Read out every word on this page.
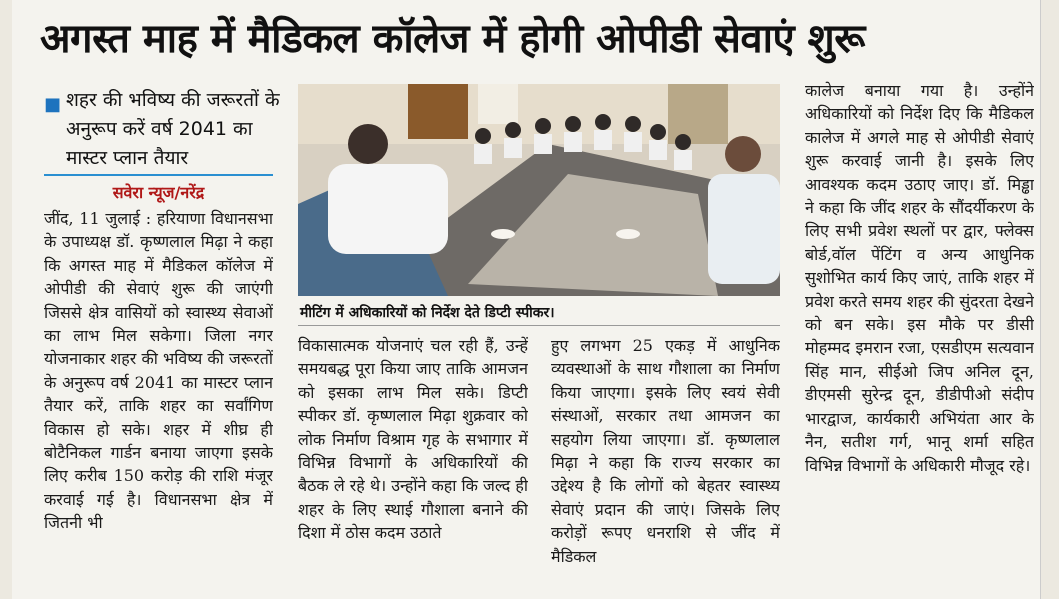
अगस्त माह में मैडिकल कॉलेज में होगी ओपीडी सेवाएं शुरू
■ शहर की भविष्य की जरूरतों के अनुरूप करें वर्ष 2041 का मास्टर प्लान तैयार
सवेरा न्यूज/नरेंद्र

जींद, 11 जुलाई : हरियाणा विधानसभा के उपाध्यक्ष डॉ. कृष्णलाल मिढ़ा ने कहा कि अगस्त माह में मैडिकल कॉलेज में ओपीडी की सेवाएं शुरू की जाएंगी जिससे क्षेत्र वासियों को स्वास्थ्य सेवाओं का लाभ मिल सकेगा। जिला नगर योजनाकार शहर की भविष्य की जरूरतों के अनुरूप वर्ष 2041 का मास्टर प्लान तैयार करें, ताकि शहर का सर्वांगिण विकास हो सके। शहर में शीघ्र ही बोटैनिकल गार्डन बनाया जाएगा इसके लिए करीब 150 करोड़ की राशि मंजूर करवाई गई है। विधानसभा क्षेत्र में जितनी भी

मीटिंग में अधिकारियों को निर्देश देते डिप्टी स्पीकर।

विकासात्मक योजनाएं चल रही हैं, उन्हें समयबद्ध पूरा किया जाए ताकि आमजन को इसका लाभ मिल सके। डिप्टी स्पीकर डॉ. कृष्णलाल मिढ़ा शुक्रवार को लोक निर्माण विश्राम गृह के सभागार में विभिन्न विभागों के अधिकारियों की बैठक ले रहे थे। उन्होंने कहा कि जल्द ही शहर के लिए स्थाई गौशाला बनाने की दिशा में ठोस कदम उठाते

हुए लगभग 25 एकड़ में आधुनिक व्यवस्थाओं के साथ गौशाला का निर्माण किया जाएगा। इसके लिए स्वयं सेवी संस्थाओं, सरकार तथा आमजन का सहयोग लिया जाएगा। डॉ. कृष्णलाल मिढ़ा ने कहा कि राज्य सरकार का उद्देश्य है कि लोगों को बेहतर स्वास्थ्य सेवाएं प्रदान की जाएं। जिसके लिए करोड़ों रूपए धनराशि से जींद में मैडिकल

कालेज बनाया गया है। उन्होंने अधिकारियों को निर्देश दिए कि मैडिकल कालेज में अगले माह से ओपीडी सेवाएं शुरू करवाई जानी है। इसके लिए आवश्यक कदम उठाए जाए। डॉ. मिड्ढा ने कहा कि जींद शहर के सौंदर्यीकरण के लिए सभी प्रवेश स्थलों पर द्वार, फ्लेक्स बोर्ड,वॉल पेंटिंग व अन्य आधुनिक सुशोभित कार्य किए जाएं, ताकि शहर में प्रवेश करते समय शहर की सुंदरता देखने को बन सके। इस मौके पर डीसी मोहम्मद इमरान रजा, एसडीएम सत्यवान सिंह मान, सीईओ जिप अनिल दून, डीएमसी सुरेन्द्र दून, डीडीपीओ संदीप भारद्वाज, कार्यकारी अभियंता आर के नैन, सतीश गर्ग, भानू शर्मा सहित विभिन्न विभागों के अधिकारी मौजूद रहे।
